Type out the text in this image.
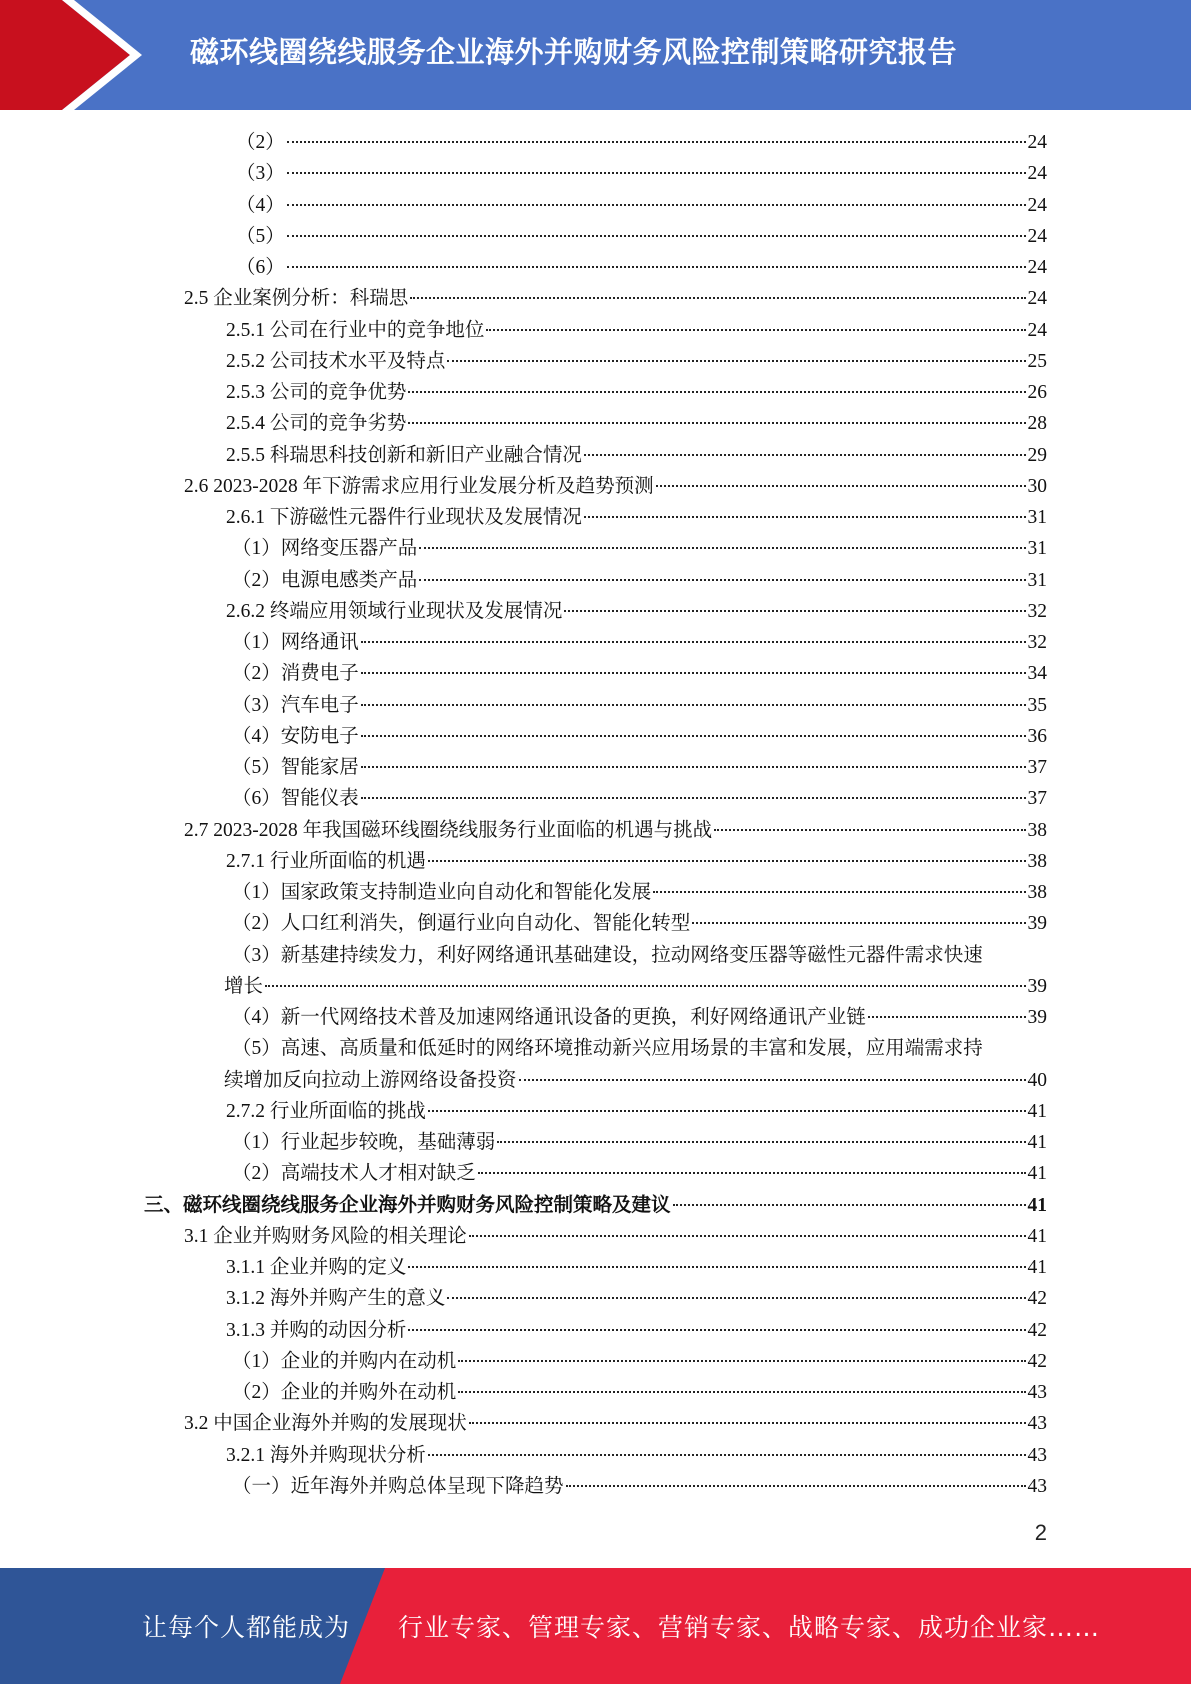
磁环线圈绕线服务企业海外并购财务风险控制策略研究报告
（2）	24
（3）	24
（4）	24
（5）	24
（6）	24
2.5 企业案例分析：科瑞思	24
2.5.1 公司在行业中的竞争地位	24
2.5.2 公司技术水平及特点	25
2.5.3 公司的竞争优势	26
2.5.4 公司的竞争劣势	28
2.5.5 科瑞思科技创新和新旧产业融合情况	29
2.6 2023-2028 年下游需求应用行业发展分析及趋势预测	30
2.6.1 下游磁性元器件行业现状及发展情况	31
（1）网络变压器产品	31
（2）电源电感类产品	31
2.6.2 终端应用领域行业现状及发展情况	32
（1）网络通讯	32
（2）消费电子	34
（3）汽车电子	35
（4）安防电子	36
（5）智能家居	37
（6）智能仪表	37
2.7 2023-2028 年我国磁环线圈绕线服务行业面临的机遇与挑战	38
2.7.1 行业所面临的机遇	38
（1）国家政策支持制造业向自动化和智能化发展	38
（2）人口红利消失，倒逼行业向自动化、智能化转型	39
（3）新基建持续发力，利好网络通讯基础建设，拉动网络变压器等磁性元器件需求快速
增长	39
（4）新一代网络技术普及加速网络通讯设备的更换，利好网络通讯产业链	39
（5）高速、高质量和低延时的网络环境推动新兴应用场景的丰富和发展，应用端需求持
续增加反向拉动上游网络设备投资	40
2.7.2 行业所面临的挑战	41
（1）行业起步较晚，基础薄弱	41
（2）高端技术人才相对缺乏	41
三、磁环线圈绕线服务企业海外并购财务风险控制策略及建议	41
3.1 企业并购财务风险的相关理论	41
3.1.1 企业并购的定义	41
3.1.2 海外并购产生的意义	42
3.1.3 并购的动因分析	42
（1）企业的并购内在动机	42
（2）企业的并购外在动机	43
3.2 中国企业海外并购的发展现状	43
3.2.1 海外并购现状分析	43
（一）近年海外并购总体呈现下降趋势	43
2
让每个人都能成为 行业专家、管理专家、营销专家、战略专家、成功企业家……
